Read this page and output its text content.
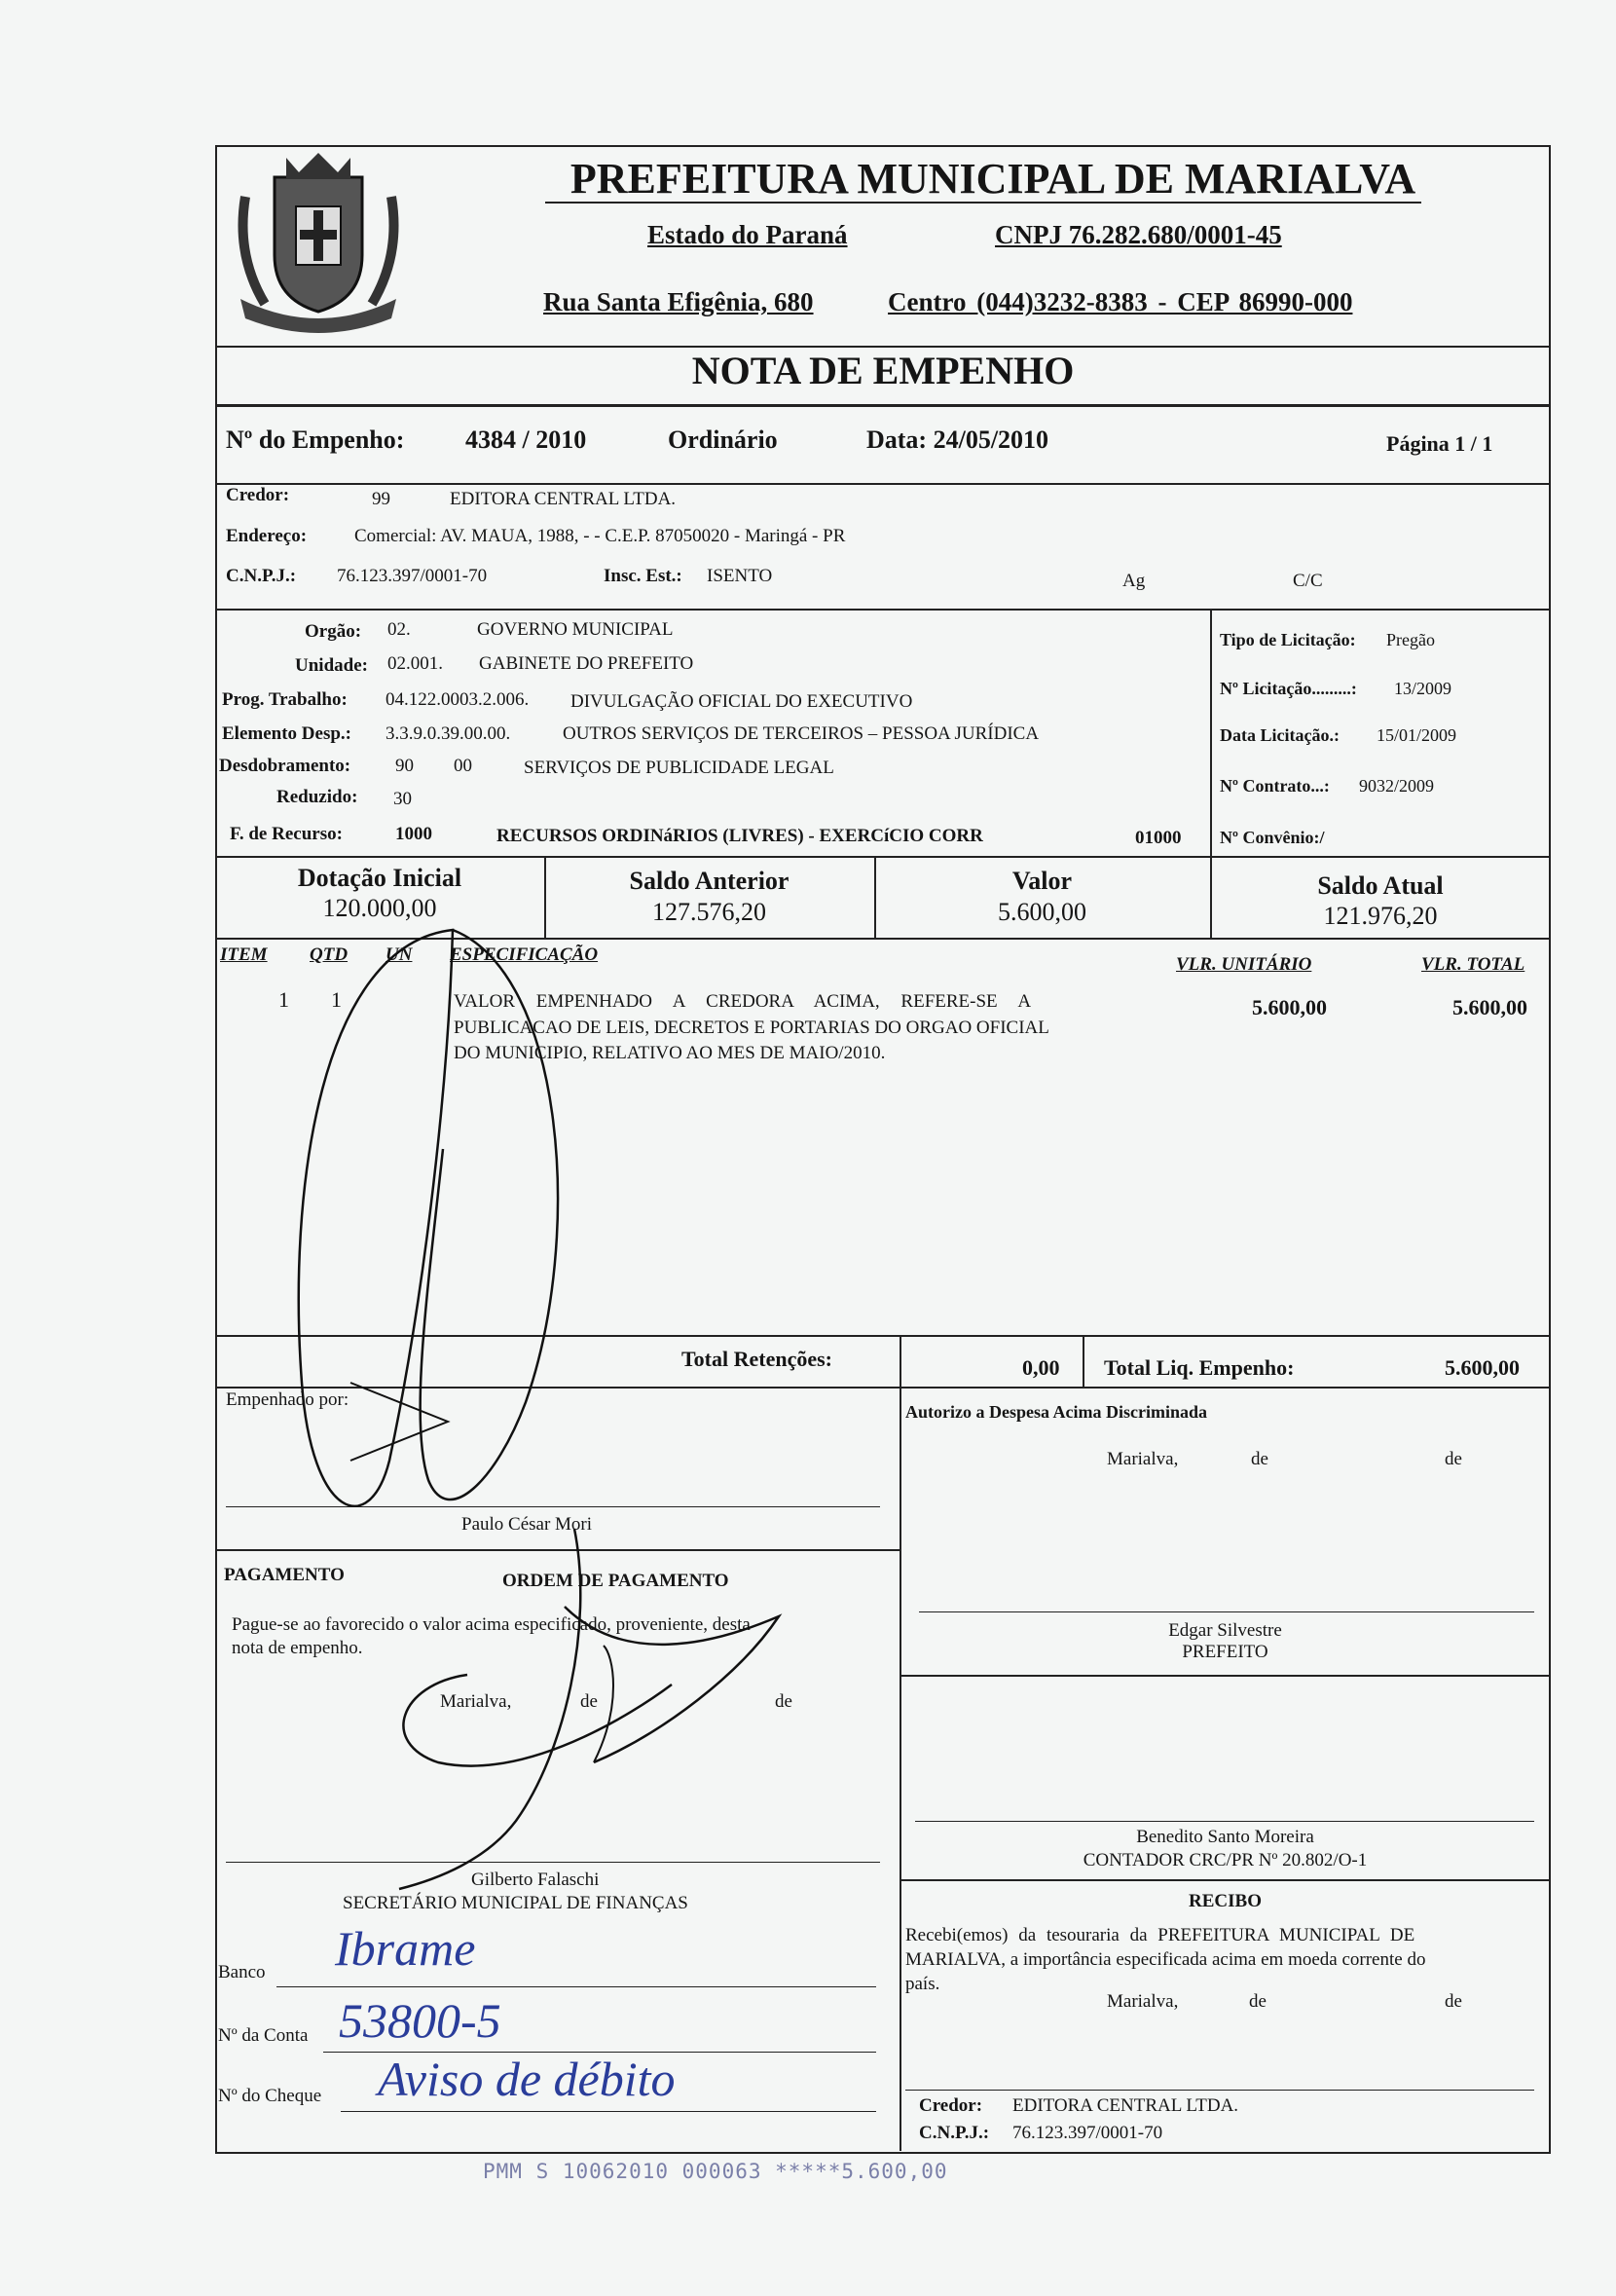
PREFEITURA MUNICIPAL DE MARIALVA
Estado do Paraná	CNPJ 76.282.680/0001-45
Rua Santa Efigênia, 680	Centro (044)3232-8383 - CEP 86990-000
NOTA DE EMPENHO
Nº do Empenho: 4384 / 2010	Ordinário	Data: 24/05/2010	Página 1 / 1
Credor:	99	EDITORA CENTRAL LTDA.
Endereço:	Comercial: AV. MAUA, 1988, - - C.E.P. 87050020 - Maringá - PR
C.N.P.J.: 76.123.397/0001-70	Insc. Est.: ISENTO	Ag	C/C
Orgão: 02.	GOVERNO MUNICIPAL
Unidade: 02.001. GABINETE DO PREFEITO
Prog. Trabalho: 04.122.0003.2.006. DIVULGAÇÃO OFICIAL DO EXECUTIVO
Elemento Desp.: 3.3.9.0.39.00.00.	OUTROS SERVIÇOS DE TERCEIROS – PESSOA JURÍDICA
Desdobramento: 90 00	SERVIÇOS DE PUBLICIDADE LEGAL
Reduzido: 30
F. de Recurso:	1000	RECURSOS ORDINáRIOS (LIVRES) - EXERCíCIO CORR	01000
Tipo de Licitação: Pregão
Nº Licitação.........: 13/2009
Data Licitação.: 15/01/2009
Nº Contrato...: 9032/2009
Nº Convênio:/
Dotação Inicial
120.000,00
Saldo Anterior
127.576,20
Valor
5.600,00
Saldo Atual
121.976,20
ITEM QTD UN ESPECIFICAÇÃO	VLR. UNITÁRIO	VLR. TOTAL
1 1	VALOR EMPENHADO A CREDORA ACIMA, REFERE-SE A
PUBLICACAO DE LEIS, DECRETOS E PORTARIAS DO ORGAO OFICIAL
DO MUNICIPIO, RELATIVO AO MES DE MAIO/2010.
5.600,00	5.600,00
Total Retenções:	0,00 Total Liq. Empenho:	5.600,00
Empenhado por:
Paulo César Mori
Autorizo a Despesa Acima Discriminada
Marialva,	de	de
Edgar Silvestre
PREFEITO
Benedito Santo Moreira
CONTADOR CRC/PR Nº 20.802/O-1
RECIBO
Recebi(emos) da tesouraria da PREFEITURA MUNICIPAL DE
MARIALVA, a importância especificada acima em moeda corrente do
país.
Marialva,	de	de
Credor: EDITORA CENTRAL LTDA.
C.N.P.J.: 76.123.397/0001-70
PAGAMENTO	ORDEM DE PAGAMENTO
Pague-se ao favorecido o valor acima especificado, provenientе, desta
nota de empenho.
Marialva,	de	de
Gilberto Falaschi
SECRETÁRIO MUNICIPAL DE FINANÇAS
Banco Ibrame
Nº da Conta 53800-5
Nº do Cheque Aviso de débito
PMM S 10062010 000063 *****5.600,00
